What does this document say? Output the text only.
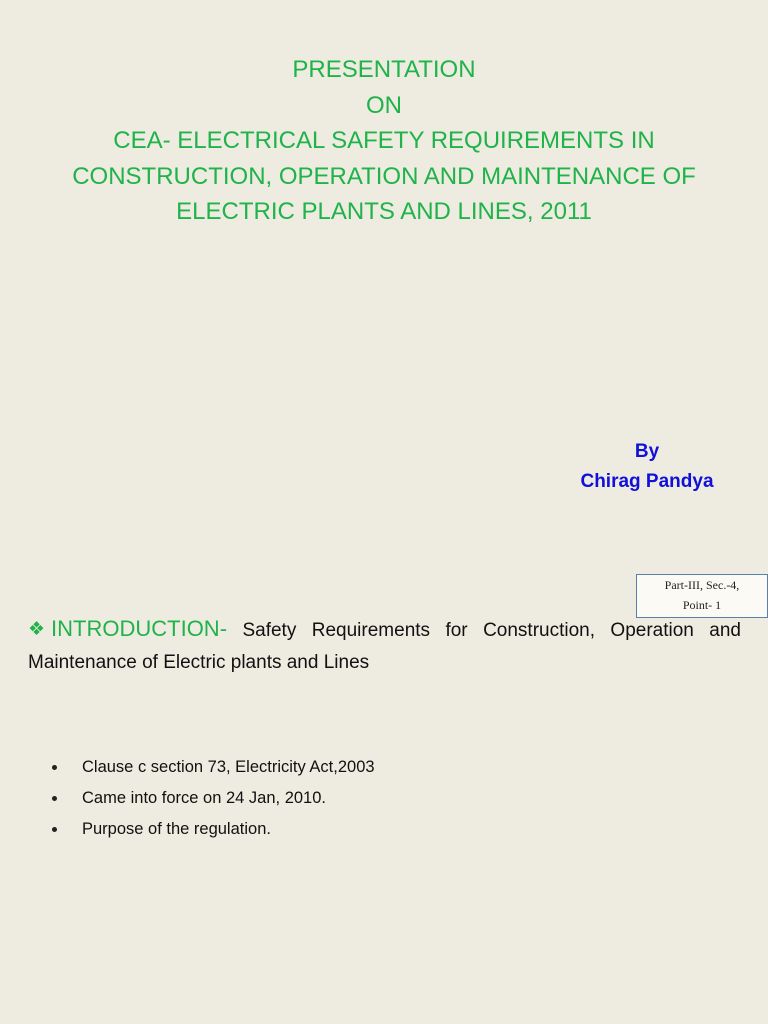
PRESENTATION
ON
CEA- ELECTRICAL SAFETY REQUIREMENTS IN
CONSTRUCTION, OPERATION AND MAINTENANCE OF
ELECTRIC PLANTS AND LINES, 2011
By
Chirag Pandya
Part-III, Sec.-4,
Point- 1
❖ INTRODUCTION- Safety Requirements for Construction, Operation and Maintenance of Electric plants and Lines
Clause c section 73, Electricity Act,2003
Came into force on 24 Jan, 2010.
Purpose of the regulation.
